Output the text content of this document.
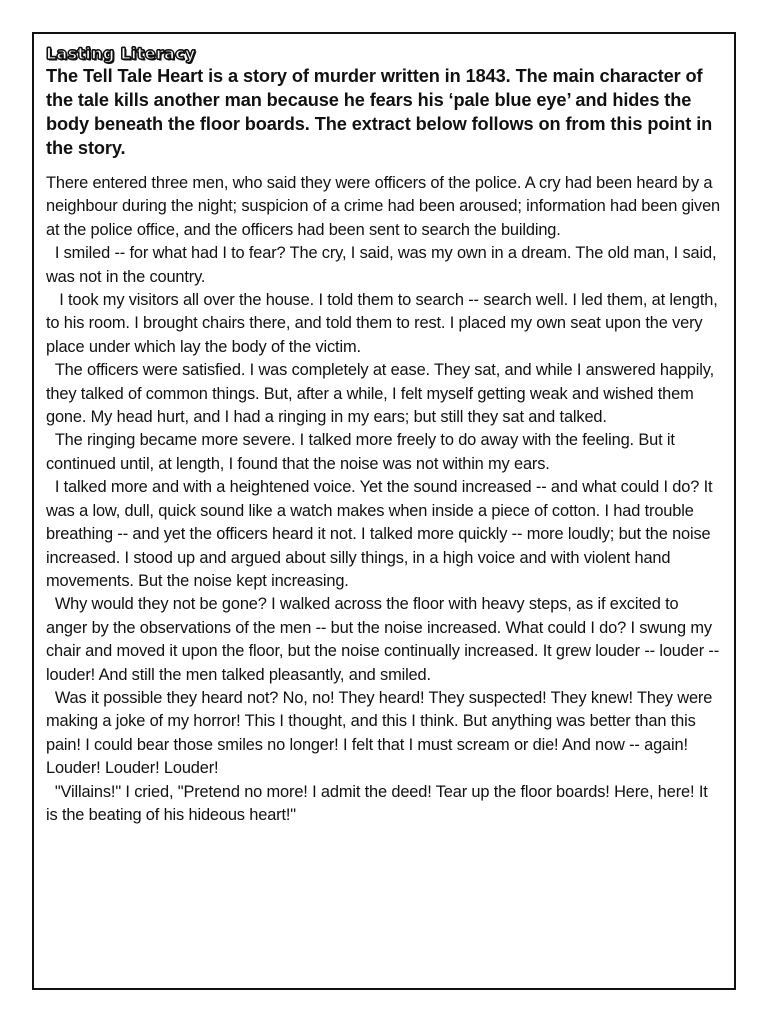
Lasting Literacy

The Tell Tale Heart is a story of murder written in 1843. The main character of the tale kills another man because he fears his ‘pale blue eye’ and hides the body beneath the floor boards. The extract below follows on from this point in the story.

There entered three men, who said they were officers of the police. A cry had been heard by a neighbour during the night; suspicion of a crime had been aroused; information had been given at the police office, and the officers had been sent to search the building.

I smiled -- for what had I to fear? The cry, I said, was my own in a dream. The old man, I said, was not in the country.

I took my visitors all over the house. I told them to search -- search well. I led them, at length, to his room. I brought chairs there, and told them to rest. I placed my own seat upon the very place under which lay the body of the victim.

The officers were satisfied. I was completely at ease. They sat, and while I answered happily, they talked of common things. But, after a while, I felt myself getting weak and wished them gone. My head hurt, and I had a ringing in my ears; but still they sat and talked.

The ringing became more severe. I talked more freely to do away with the feeling. But it continued until, at length, I found that the noise was not within my ears.

I talked more and with a heightened voice. Yet the sound increased -- and what could I do? It was a low, dull, quick sound like a watch makes when inside a piece of cotton. I had trouble breathing -- and yet the officers heard it not. I talked more quickly -- more loudly; but the noise increased. I stood up and argued about silly things, in a high voice and with violent hand movements. But the noise kept increasing.

Why would they not be gone? I walked across the floor with heavy steps, as if excited to anger by the observations of the men -- but the noise increased. What could I do? I swung my chair and moved it upon the floor, but the noise continually increased. It grew louder -- louder -- louder! And still the men talked pleasantly, and smiled.

Was it possible they heard not? No, no! They heard! They suspected! They knew! They were making a joke of my horror! This I thought, and this I think. But anything was better than this pain! I could bear those smiles no longer! I felt that I must scream or die! And now -- again! Louder! Louder! Louder!

"Villains!" I cried, "Pretend no more! I admit the deed! Tear up the floor boards! Here, here! It is the beating of his hideous heart!"
